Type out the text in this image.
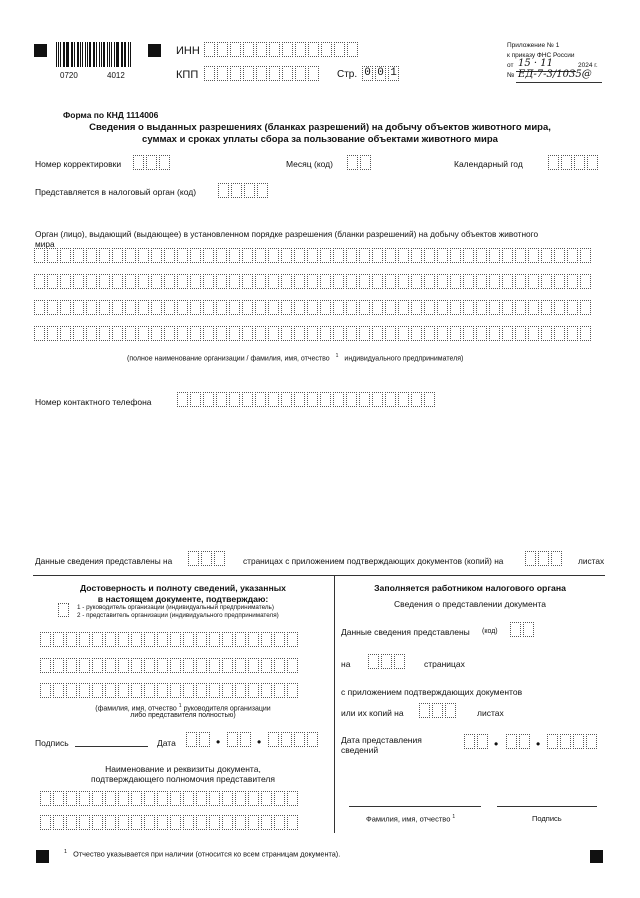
0720	4012
ИНН
КПП	Стр. 0 0 1
Приложение № 1
к приказу ФНС России
от 15 · 11	2024 г.
№ ЕД-7-3/1035@
Форма по КНД 1114006
Сведения о выданных разрешениях (бланках разрешений) на добычу объектов животного мира,
суммах и сроках уплаты сбора за пользование объектами животного мира
Номер корректировки	Месяц (код)	Календарный год
Представляется в налоговый орган (код)
Орган (лицо), выдающий (выдающее) в установленном порядке разрешения (бланки разрешений) на добычу объектов животного
мира
(полное наименование организации / фамилия, имя, отчество $^1$ индивидуального предпринимателя)
Номер контактного телефона
Данные сведения представлены на	страницах с приложением подтверждающих документов (копий) на	листах
Достоверность и полноту сведений, указанных
в настоящем документе, подтверждаю:
1 - руководитель организации (индивидуальный предприниматель)
2 - представитель организации (индивидуального предпринимателя)
(фамилия, имя, отчество $^1$ руководителя организации
либо представителя полностью)
Подпись	Дата	•	•
Наименование и реквизиты документа,
подтверждающего полномочия представителя
Заполняется работником налогового органа
Сведения о представлении документа
Данные сведения представлены (код)
на	страницах
с приложением подтверждающих документов
или их копий на	листах
Дата представления
сведений	•	•
Фамилия, имя, отчество $^1$	Подпись
$^1$ Отчество указывается при наличии (относится ко всем страницам документа).
